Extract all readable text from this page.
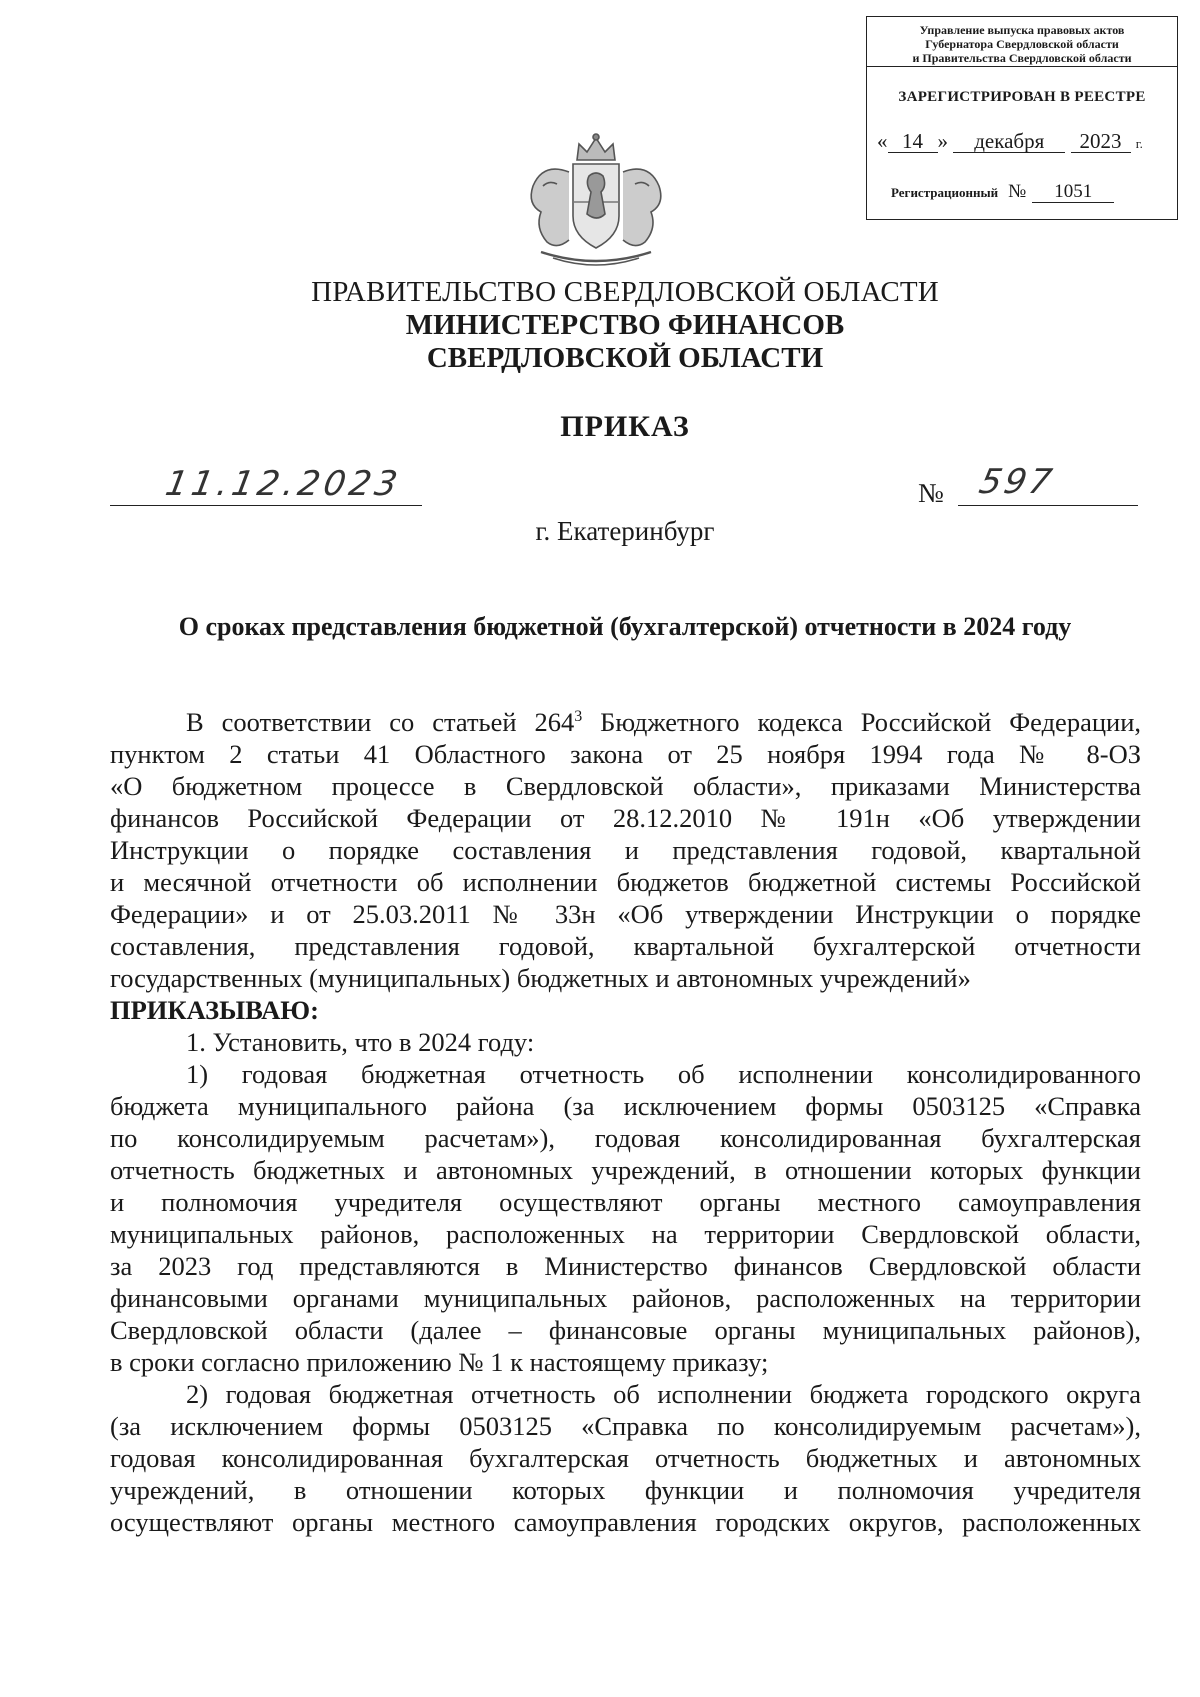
Управление выпуска правовых актов
Губернатора Свердловской области
и Правительства Свердловской области
ЗАРЕГИСТРИРОВАН В РЕЕСТРЕ
« 14 » декабря 2023 г.
Регистрационный № 1051
ПРАВИТЕЛЬСТВО СВЕРДЛОВСКОЙ ОБЛАСТИ
МИНИСТЕРСТВО ФИНАНСОВ
СВЕРДЛОВСКОЙ ОБЛАСТИ
ПРИКАЗ
11.12.2023	№ 597
г. Екатеринбург
О сроках представления бюджетной (бухгалтерской) отчетности в 2024 году
В соответствии со статьей $264^3$ Бюджетного кодекса Российской Федерации,
пунктом 2 статьи 41 Областного закона от 25 ноября 1994 года № 8-ОЗ
«О бюджетном процессе в Свердловской области», приказами Министерства
финансов Российской Федерации от 28.12.2010 № 191н «Об утверждении
Инструкции о порядке составления и представления годовой, квартальной
и месячной отчетности об исполнении бюджетов бюджетной системы Российской
Федерации» и от 25.03.2011 № 33н «Об утверждении Инструкции о порядке
составления, представления годовой, квартальной бухгалтерской отчетности
государственных (муниципальных) бюджетных и автономных учреждений»
ПРИКАЗЫВАЮ:
1. Установить, что в 2024 году:
1) годовая бюджетная отчетность об исполнении консолидированного
бюджета муниципального района (за исключением формы 0503125 «Справка
по консолидируемым расчетам»), годовая консолидированная бухгалтерская
отчетность бюджетных и автономных учреждений, в отношении которых функции
и полномочия учредителя осуществляют органы местного самоуправления
муниципальных районов, расположенных на территории Свердловской области,
за 2023 год представляются в Министерство финансов Свердловской области
финансовыми органами муниципальных районов, расположенных на территории
Свердловской области (далее – финансовые органы муниципальных районов),
в сроки согласно приложению № 1 к настоящему приказу;
2) годовая бюджетная отчетность об исполнении бюджета городского округа
(за исключением формы 0503125 «Справка по консолидируемым расчетам»),
годовая консолидированная бухгалтерская отчетность бюджетных и автономных
учреждений, в отношении которых функции и полномочия учредителя
осуществляют органы местного самоуправления городских округов, расположенных
